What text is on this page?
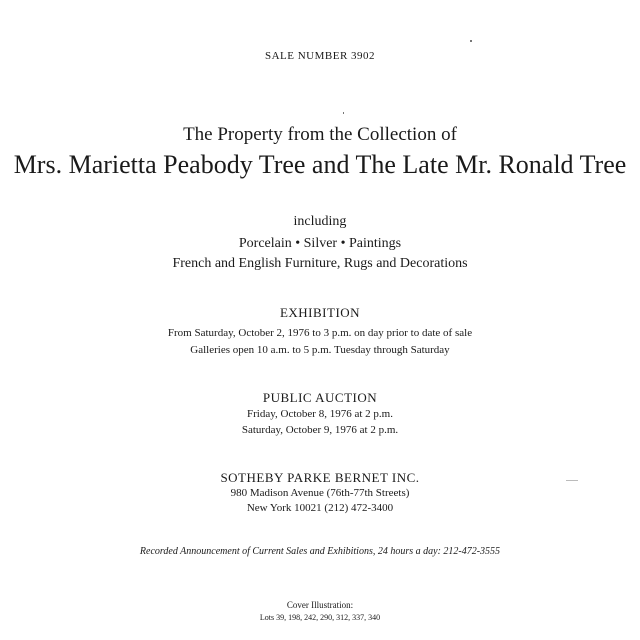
SALE NUMBER 3902
The Property from the Collection of
Mrs. Marietta Peabody Tree and The Late Mr. Ronald Tree
including
Porcelain • Silver • Paintings
French and English Furniture, Rugs and Decorations
EXHIBITION
From Saturday, October 2, 1976 to 3 p.m. on day prior to date of sale
Galleries open 10 a.m. to 5 p.m. Tuesday through Saturday
PUBLIC AUCTION
Friday, October 8, 1976 at 2 p.m.
Saturday, October 9, 1976 at 2 p.m.
SOTHEBY PARKE BERNET INC.
980 Madison Avenue (76th-77th Streets)
New York 10021 (212) 472-3400
Recorded Announcement of Current Sales and Exhibitions, 24 hours a day: 212-472-3555
Cover Illustration:
Lots 39, 198, 242, 290, 312, 337, 340
